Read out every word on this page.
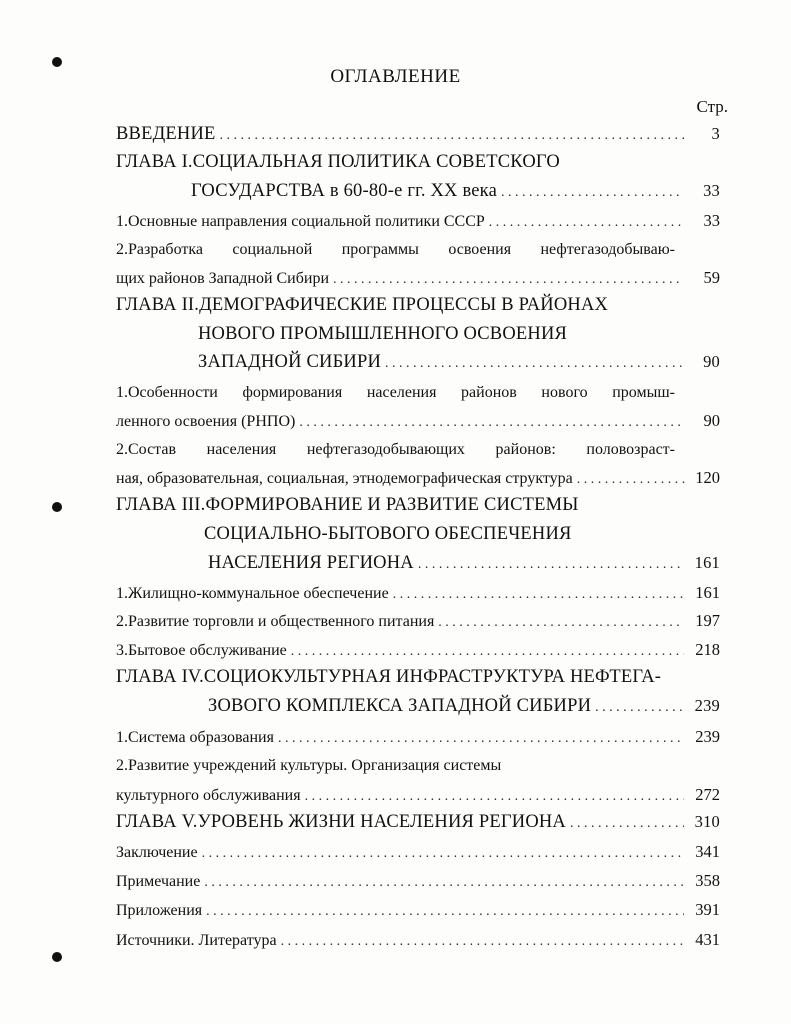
ОГЛАВЛЕНИЕ
Стр.
ВВЕДЕНИЕ . . .	3
ГЛАВА I.СОЦИАЛЬНАЯ ПОЛИТИКА СОВЕТСКОГО
ГОСУДАРСТВА в 60-80-е гг. XX века . . .	33
1.Основные направления социальной политики СССР . . .	33
2.Разработка социальной программы освоения нефтегазодобываю-
щих районов Западной Сибири . . .	59
ГЛАВА II.ДЕМОГРАФИЧЕСКИЕ ПРОЦЕССЫ В РАЙОНАХ
НОВОГО ПРОМЫШЛЕННОГО ОСВОЕНИЯ
ЗАПАДНОЙ СИБИРИ . . .	90
1.Особенности формирования населения районов нового промыш-
ленного освоения (РНПО) . . .	90
2.Состав населения нефтегазодобывающих районов: половозраст-
ная, образовательная, социальная, этнодемографическая структура . . .	120
ГЛАВА III.ФОРМИРОВАНИЕ И РАЗВИТИЕ СИСТЕМЫ
СОЦИАЛЬНО-БЫТОВОГО ОБЕСПЕЧЕНИЯ
НАСЕЛЕНИЯ РЕГИОНА . . .	161
1.Жилищно-коммунальное обеспечение . . .	161
2.Развитие торговли и общественного питания . . .	197
3.Бытовое обслуживание . . .	218
ГЛАВА IV.СОЦИОКУЛЬТУРНАЯ ИНФРАСТРУКТУРА НЕФТЕГА-
ЗОВОГО КОМПЛЕКСА ЗАПАДНОЙ СИБИРИ . . .	239
1.Система образования . . .	239
2.Развитие учреждений культуры. Организация системы
культурного обслуживания . . .	272
ГЛАВА V.УРОВЕНЬ ЖИЗНИ НАСЕЛЕНИЯ РЕГИОНА . . .	310
Заключение . . .	341
Примечание . . .	358
Приложения . . .	391
Источники. Литература . . .	431
